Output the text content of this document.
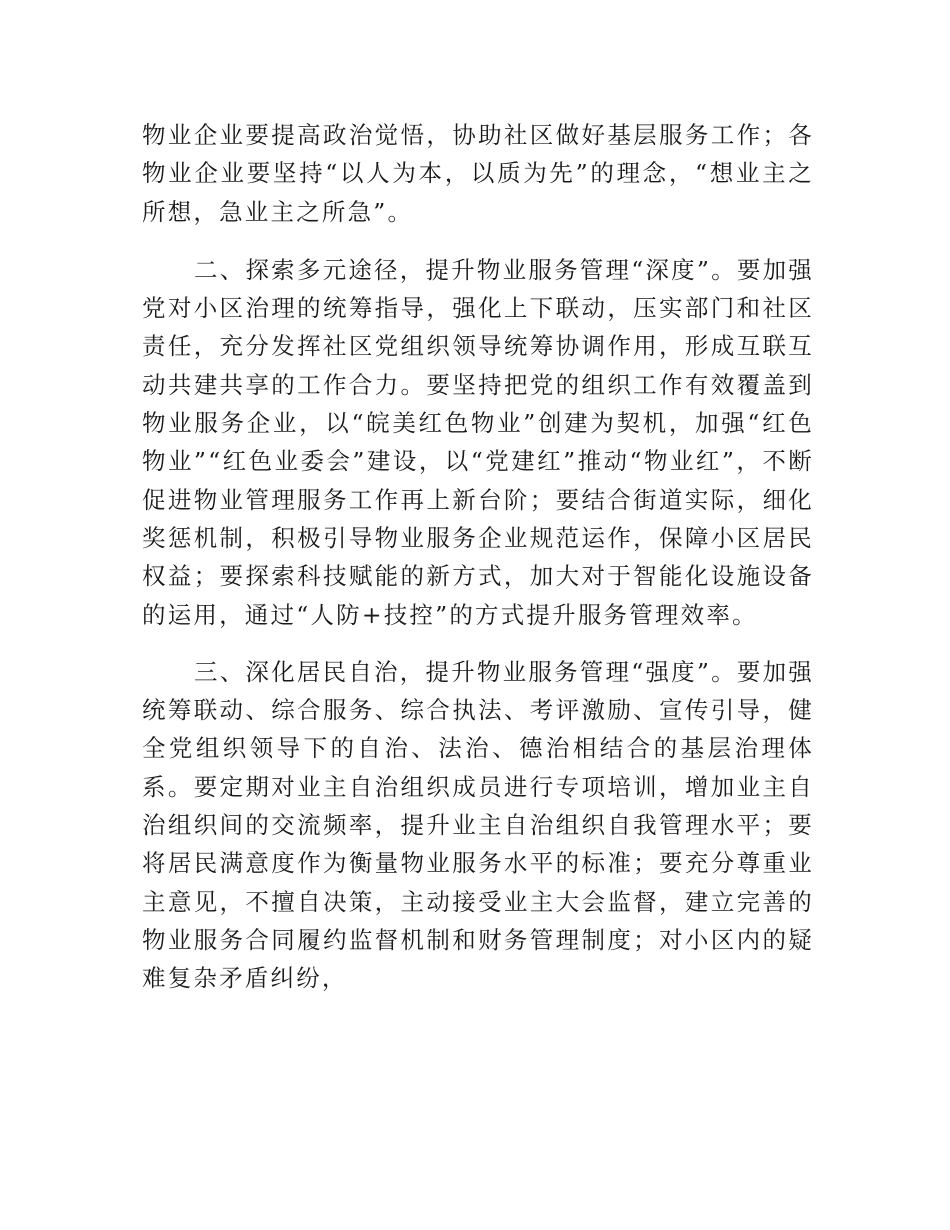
物业企业要提高政治觉悟，协助社区做好基层服务工作；各物业企业要坚持“以人为本，以质为先”的理念，“想业主之所想，急业主之所急”。

二、探索多元途径，提升物业服务管理“深度”。要加强党对小区治理的统筹指导，强化上下联动，压实部门和社区责任，充分发挥社区党组织领导统筹协调作用，形成互联互动共建共享的工作合力。要坚持把党的组织工作有效覆盖到物业服务企业，以“皖美红色物业”创建为契机，加强“红色物业”“红色业委会”建设，以“党建红”推动“物业红”，不断促进物业管理服务工作再上新台阶；要结合街道实际，细化奖惩机制，积极引导物业服务企业规范运作，保障小区居民权益；要探索科技赋能的新方式，加大对于智能化设施设备的运用，通过“人防+技控”的方式提升服务管理效率。

三、深化居民自治，提升物业服务管理“强度”。要加强统筹联动、综合服务、综合执法、考评激励、宣传引导，健全党组织领导下的自治、法治、德治相结合的基层治理体系。要定期对业主自治组织成员进行专项培训，增加业主自治组织间的交流频率，提升业主自治组织自我管理水平；要将居民满意度作为衡量物业服务水平的标准；要充分尊重业主意见，不擅自决策，主动接受业主大会监督，建立完善的物业服务合同履约监督机制和财务管理制度；对小区内的疑难复杂矛盾纠纷，
